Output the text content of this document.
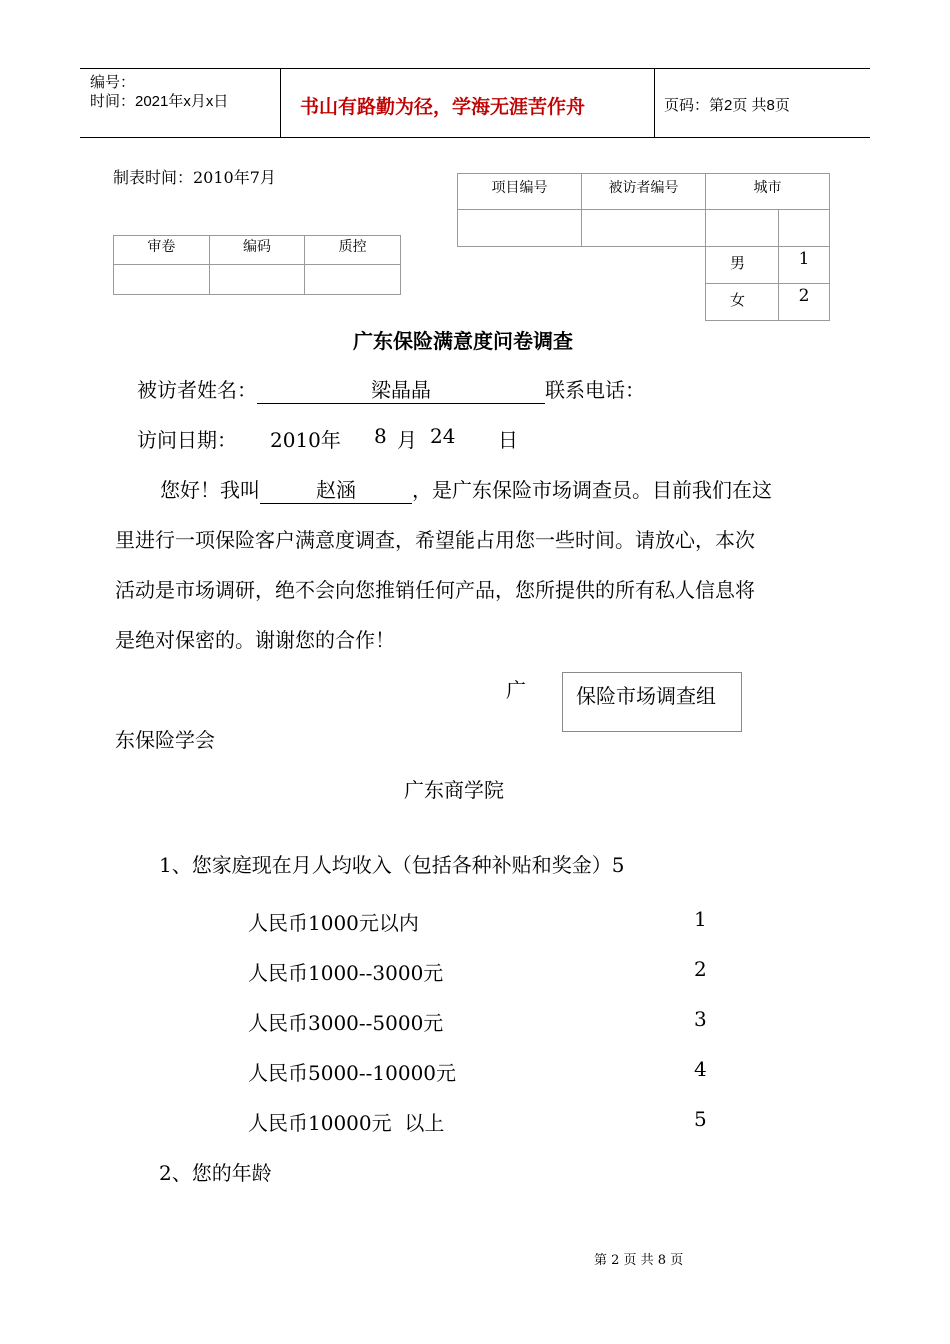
编号：
时间：2021年x月x日	书山有路勤为径，学海无涯苦作舟	页码：第2页 共8页
制表时间：2010年7月
审卷	编码	质控

项目编号	被访者编号	城市	

		男	1
		女	2
广东保险满意度问卷调查
被访者姓名：	梁晶晶	联系电话：
访问日期： 2010年 8 月 24 日
您好！我叫	赵涵	，是广东保险市场调查员。目前我们在这
里进行一项保险客户满意度调查，希望能占用您一些时间。请放心，本次
活动是市场调研，绝不会向您推销任何产品，您所提供的所有私人信息将
是绝对保密的。谢谢您的合作！
广	保险市场调查组
东保险学会
广东商学院
1、您家庭现在月人均收入（包括各种补贴和奖金）5
人民币1000元以内	1
人民币1000--3000元	2
人民币3000--5000元	3
人民币5000--10000元	4
人民币10000元  以上	5
2、您的年龄
第 2 页 共 8 页
